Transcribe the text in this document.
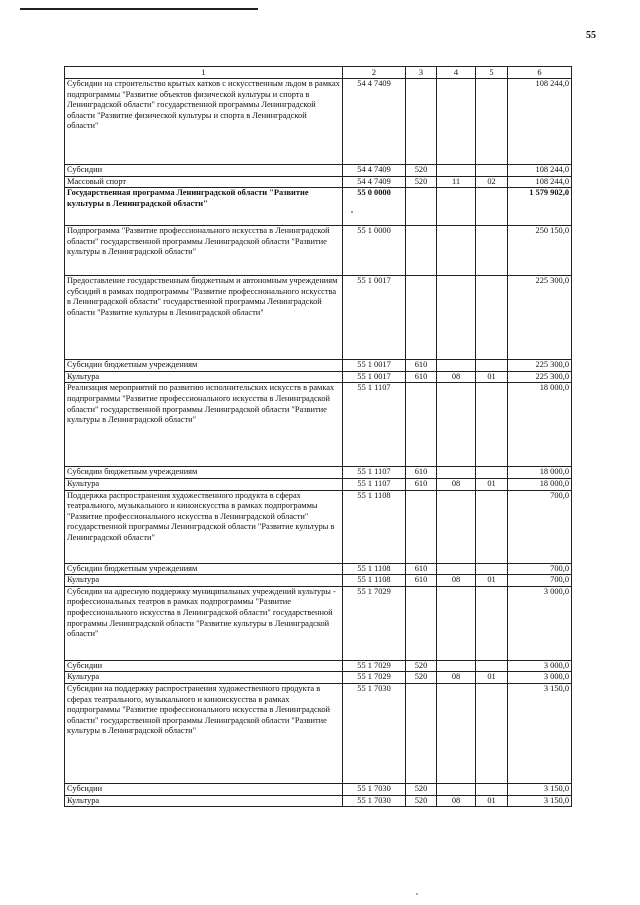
55
1	2	3	4	5	6
Субсидии на строительство крытых катков с искусственным льдом в рамках подпрограммы "Развитие объектов физической культуры и спорта в Ленинградской области" государственной программы Ленинградской области "Развитие физической культуры и спорта в Ленинградской области"	54 4 7409				108 244,0
Субсидии	54 4 7409	520			108 244,0
Массовый спорт	54 4 7409	520	11	02	108 244,0
Государственная программа Ленинградской области "Развитие культуры в Ленинградской области"	55 0 0000				1 579 902,0
Подпрограмма "Развитие профессионального искусства в Ленинградской области" государственной программы Ленинградской области "Развитие культуры в Ленинградской области"	55 1 0000				250 150,0
Предоставление государственным бюджетным и автономным учреждениям субсидий в рамках подпрограммы "Развитие профессионального искусства в Ленинградской области" государственной программы Ленинградской области "Развитие культуры в Ленинградской области"	55 1 0017				225 300,0
Субсидии бюджетным учреждениям	55 1 0017	610			225 300,0
Культура	55 1 0017	610	08	01	225 300,0
Реализация мероприятий по развитию исполнительских искусств в рамках подпрограммы "Развитие профессионального искусства в Ленинградской области" государственной программы Ленинградской области "Развитие культуры в Ленинградской области"	55 1 1107				18 000,0
Субсидии бюджетным учреждениям	55 1 1107	610			18 000,0
Культура	55 1 1107	610	08	01	18 000,0
Поддержка распространения художественного продукта в сферах театрального, музыкального и киноискусства в рамках подпрограммы "Развитие профессионального искусства в Ленинградской области" государственной программы Ленинградской области "Развитие культуры в Ленинградской области"	55 1 1108				700,0
Субсидии бюджетным учреждениям	55 1 1108	610			700,0
Культура	55 1 1108	610	08	01	700,0
Субсидии на адресную поддержку муниципальных учреждений культуры - профессиональных театров в рамках подпрограммы "Развитие профессионального искусства в Ленинградской области" государственной программы Ленинградской области "Развитие культуры в Ленинградской области"	55 1 7029				3 000,0
Субсидии	55 1 7029	520			3 000,0
Культура	55 1 7029	520	08	01	3 000,0
Субсидии на поддержку распространения художественного продукта в сферах театрального, музыкального и киноискусства в рамках подпрограммы "Развитие профессионального искусства в Ленинградской области" государственной программы Ленинградской области "Развитие культуры в Ленинградской области"	55 1 7030				3 150,0
Субсидии	55 1 7030	520			3 150,0
Культура	55 1 7030	520	08	01	3 150,0
